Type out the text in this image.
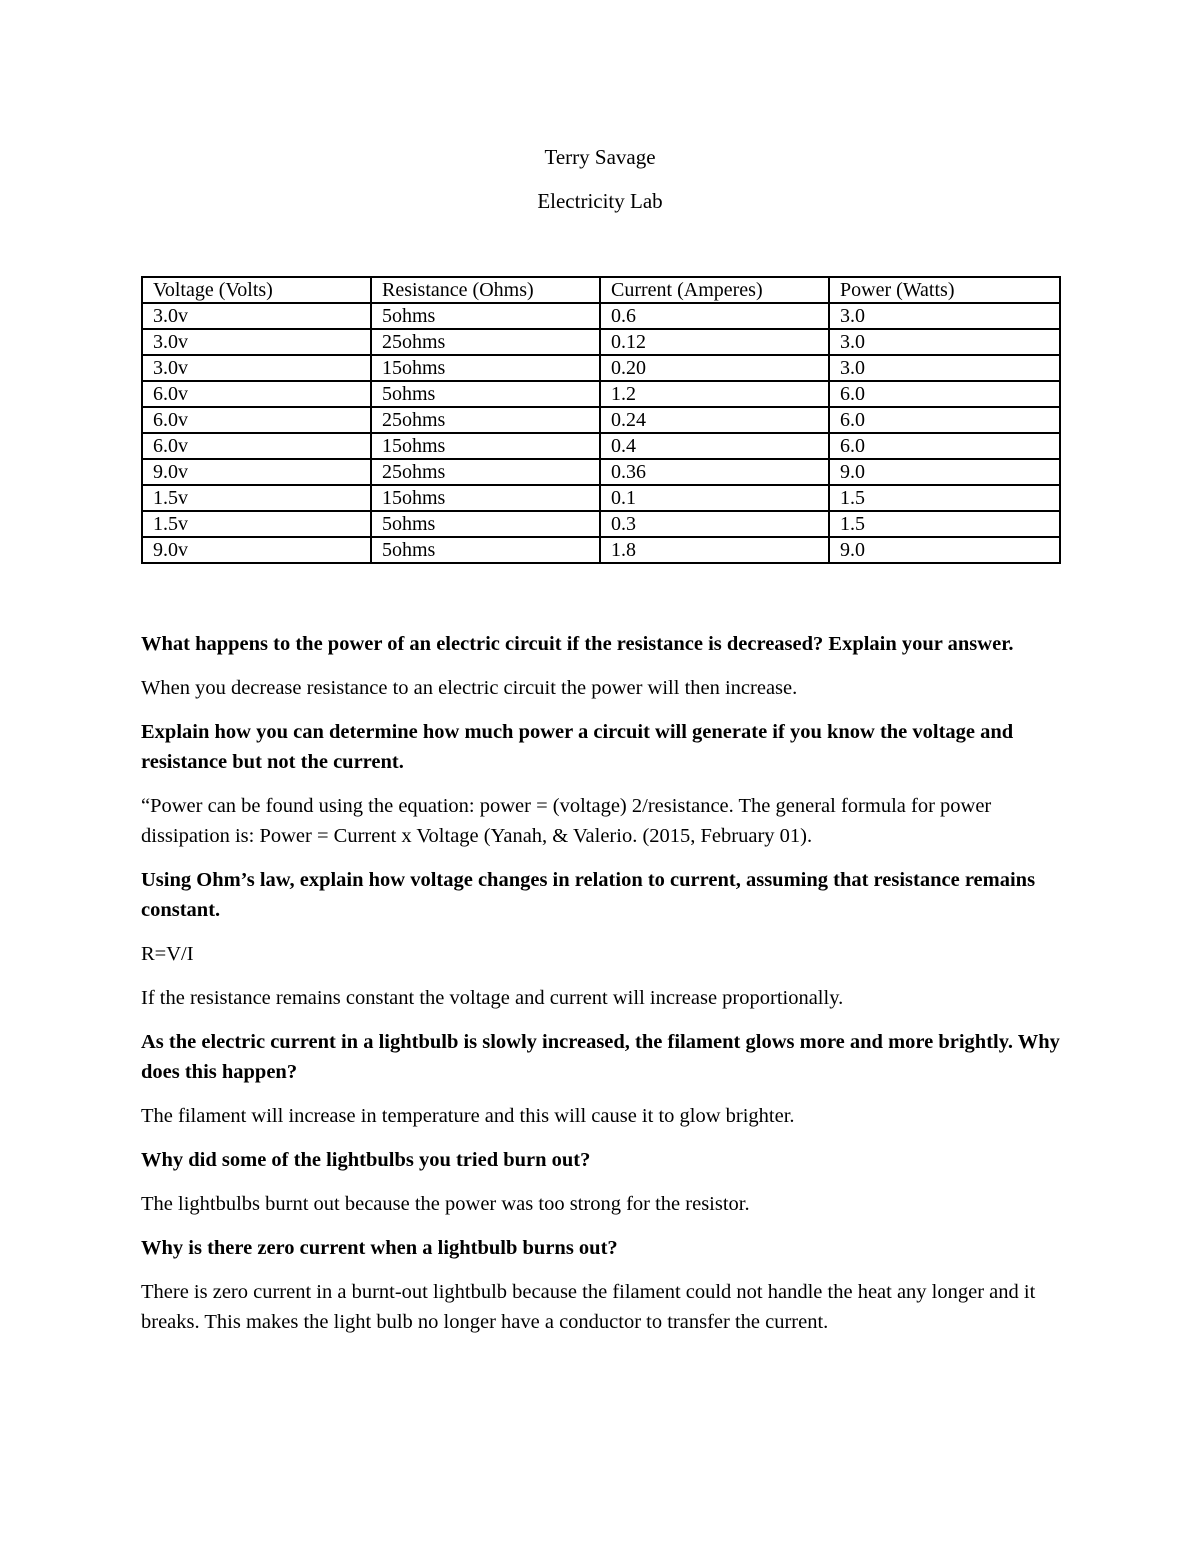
Terry Savage
Electricity Lab
Voltage (Volts)	Resistance (Ohms)	Current (Amperes)	Power (Watts)
3.0v	5ohms	0.6	3.0
3.0v	25ohms	0.12	3.0
3.0v	15ohms	0.20	3.0
6.0v	5ohms	1.2	6.0
6.0v	25ohms	0.24	6.0
6.0v	15ohms	0.4	6.0
9.0v	25ohms	0.36	9.0
1.5v	15ohms	0.1	1.5
1.5v	5ohms	0.3	1.5
9.0v	5ohms	1.8	9.0

What happens to the power of an electric circuit if the resistance is decreased? Explain your answer.

When you decrease resistance to an electric circuit the power will then increase.

Explain how you can determine how much power a circuit will generate if you know the voltage and resistance but not the current.

“Power can be found using the equation: power = (voltage) 2/resistance. The general formula for power dissipation is: Power = Current x Voltage (Yanah, & Valerio. (2015, February 01).

Using Ohm’s law, explain how voltage changes in relation to current, assuming that resistance remains constant.

R=V/I

If the resistance remains constant the voltage and current will increase proportionally.

As the electric current in a lightbulb is slowly increased, the filament glows more and more brightly. Why does this happen?

The filament will increase in temperature and this will cause it to glow brighter.

Why did some of the lightbulbs you tried burn out?

The lightbulbs burnt out because the power was too strong for the resistor.

Why is there zero current when a lightbulb burns out?

There is zero current in a burnt-out lightbulb because the filament could not handle the heat any longer and it breaks. This makes the light bulb no longer have a conductor to transfer the current.
